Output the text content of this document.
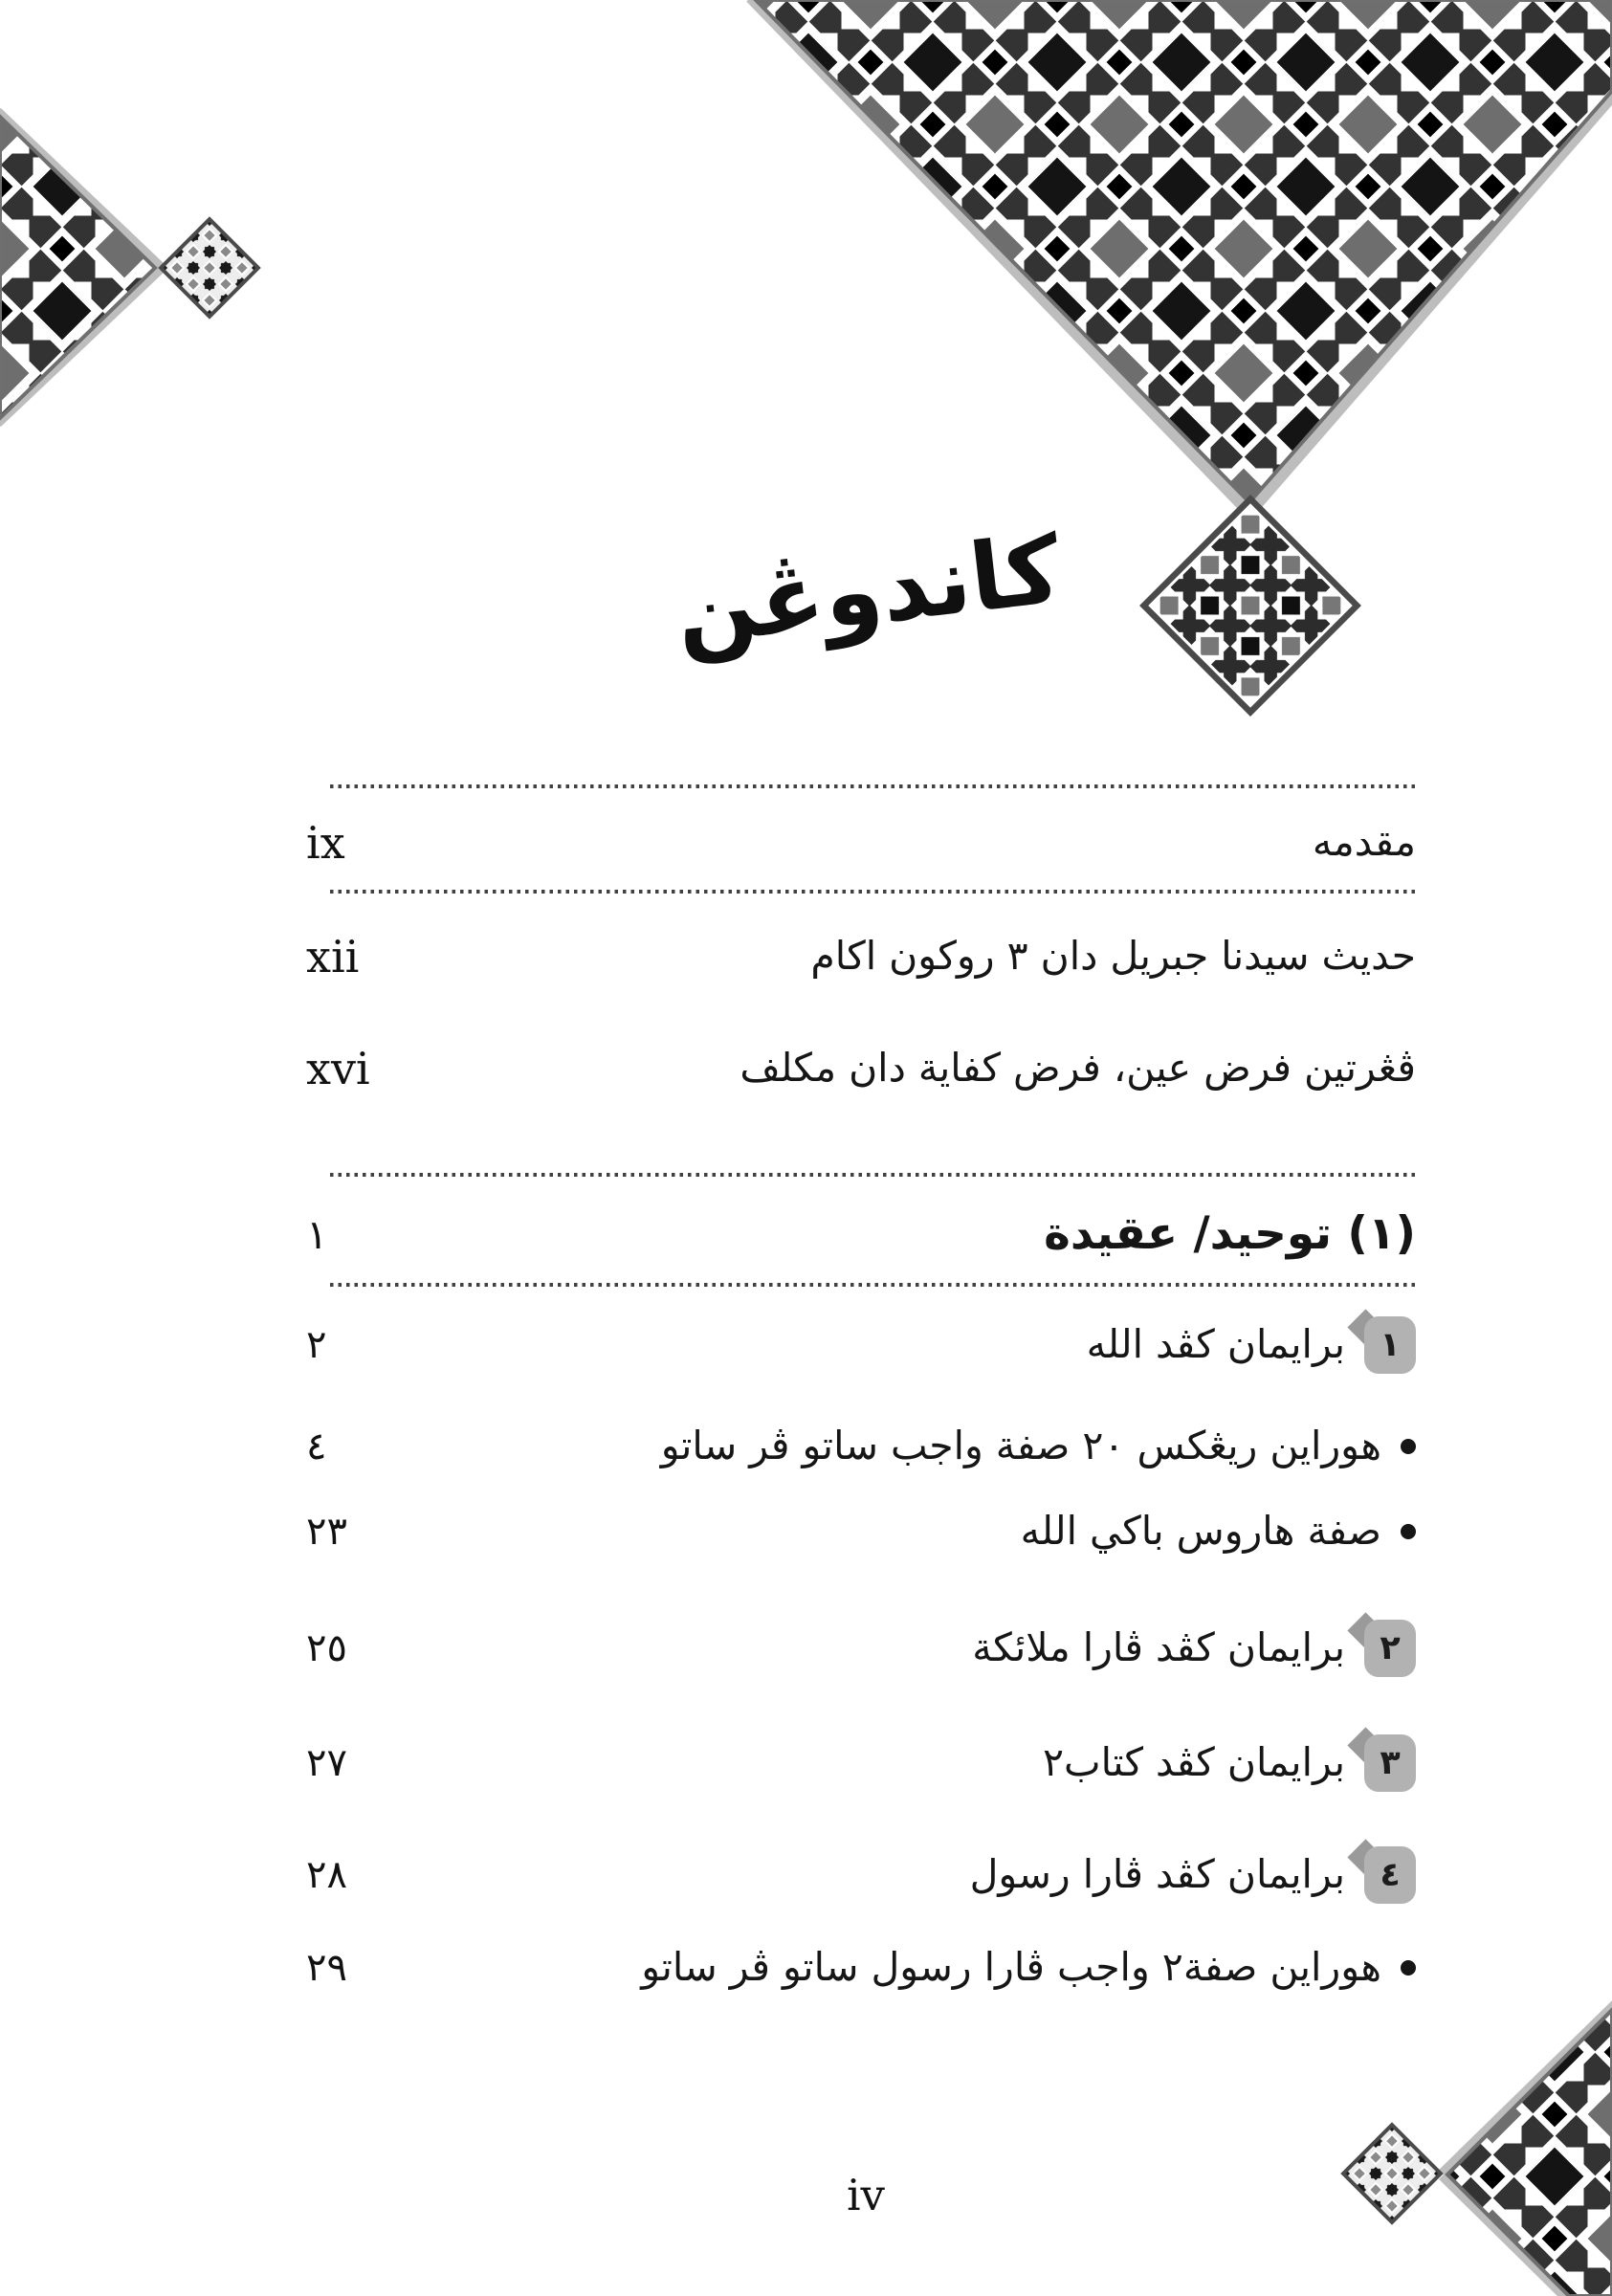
كاندوڠن
ix	مقدمه
xii	حديث سيدنا جبريل دان ٣ روكون اكام
xvi	ڤڠرتين فرض عين، فرض كفاية دان مكلف
١	(١) توحيد/ عقيدة
٢	برايمان كڤد الله	١
٤	هوراين ريڠكس ٢٠ صفة واجب ساتو ڤر ساتو
٢٣	صفة هاروس باكي الله
٢٥	برايمان كڤد ڤارا ملائكة	٢
٢٧	برايمان كڤد كتاب٢	٣
٢٨	برايمان كڤد ڤارا رسول	٤
٢٩	هوراين صفة٢ واجب ڤارا رسول ساتو ڤر ساتو
iv
